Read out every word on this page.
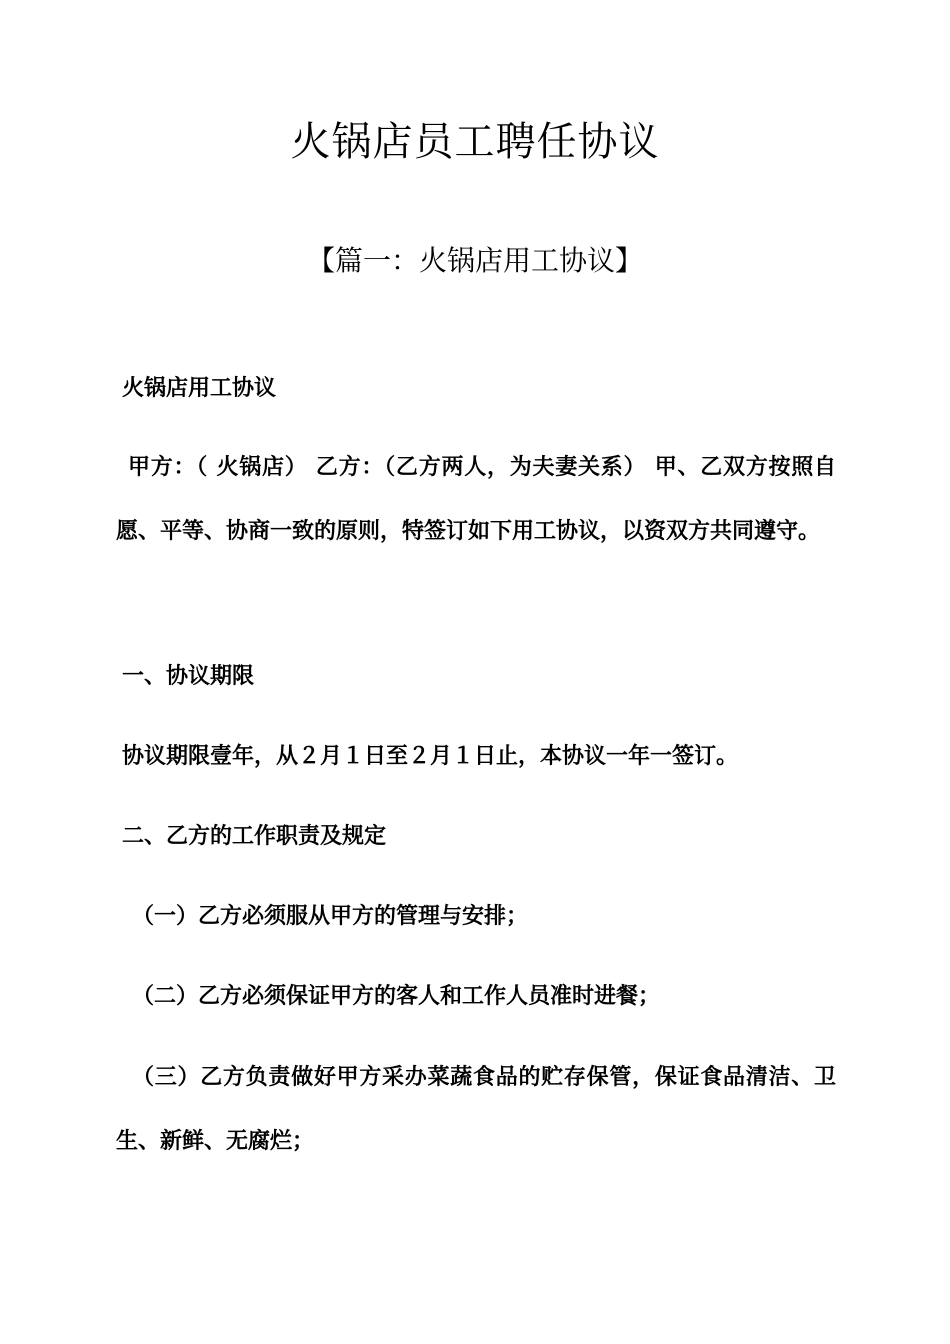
火锅店员工聘任协议
【篇一：火锅店用工协议】
火锅店用工协议
甲方：（ 火锅店） 乙方：（乙方两人，为夫妻关系） 甲、乙双方按照自愿、平等、协商一致的原则，特签订如下用工协议，以资双方共同遵守。
一、协议期限
协议期限壹年，从２月１日至２月１日止，本协议一年一签订。
二、乙方的工作职责及规定
（一）乙方必须服从甲方的管理与安排；
（二）乙方必须保证甲方的客人和工作人员准时进餐；
（三）乙方负责做好甲方采办菜蔬食品的贮存保管，保证食品清洁、卫生、新鲜、无腐烂；
